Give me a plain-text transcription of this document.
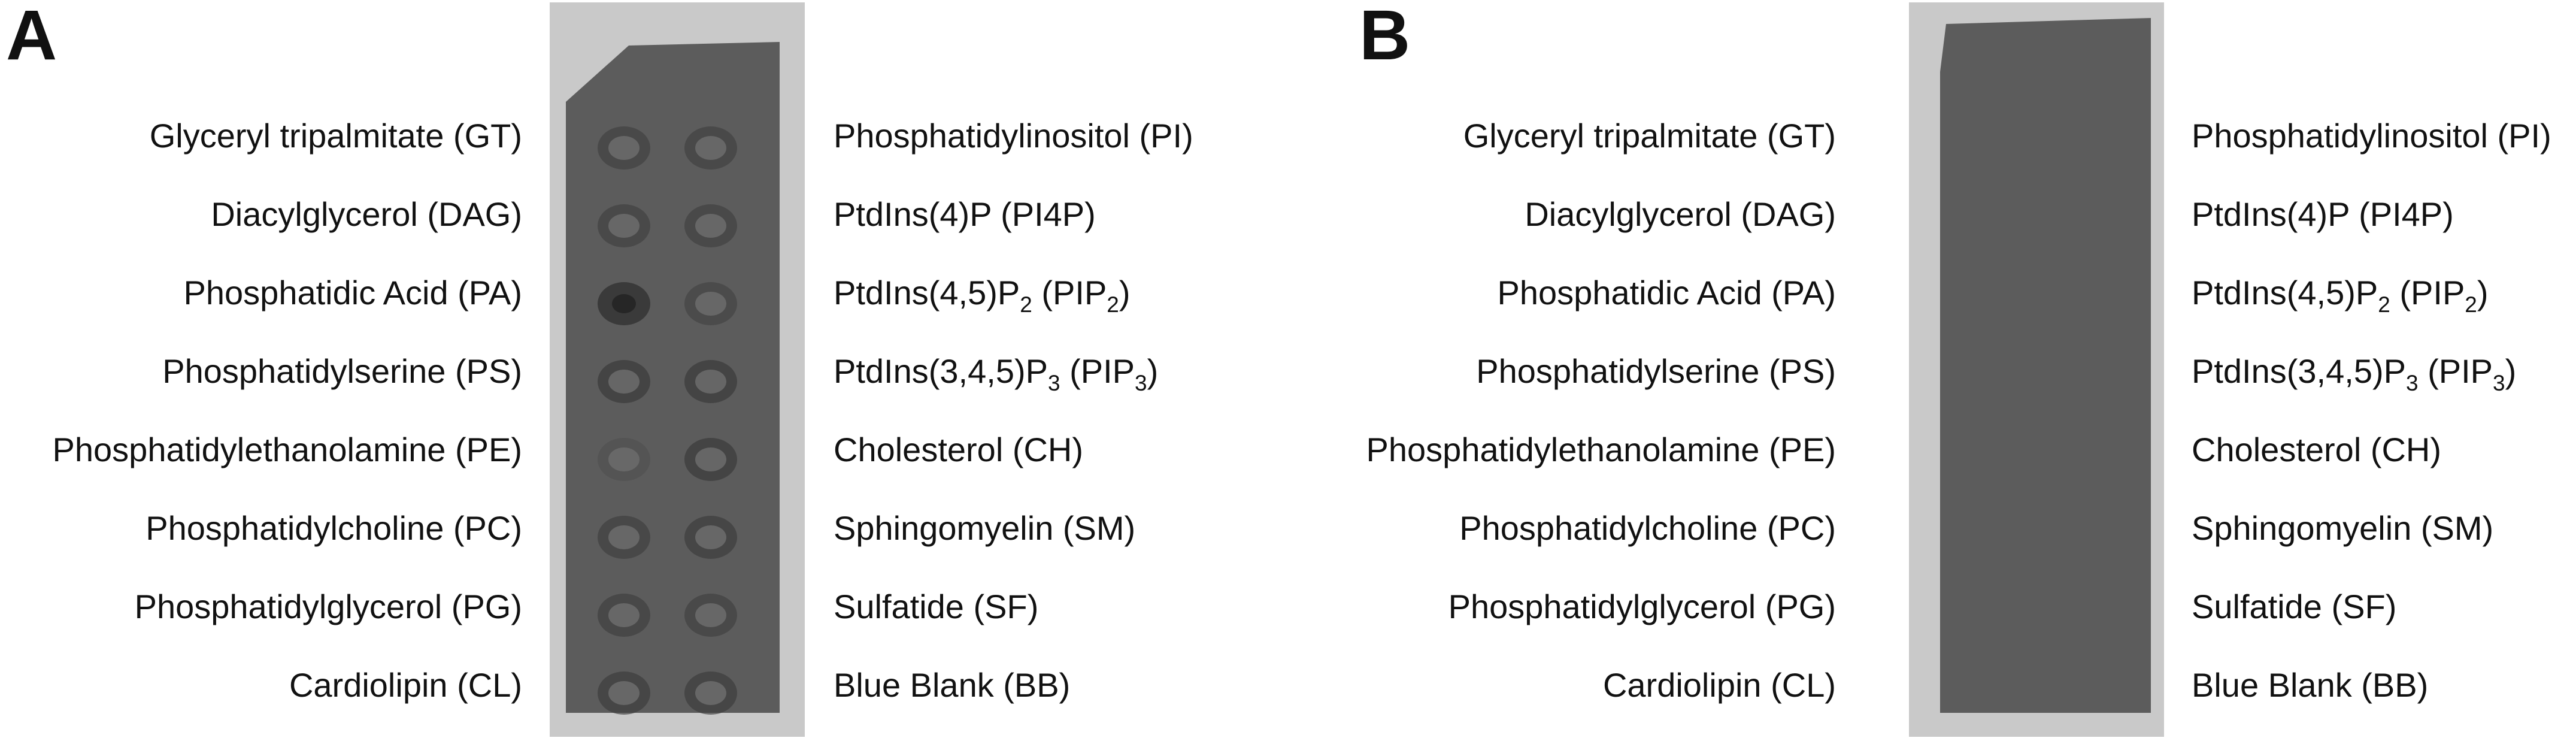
A
Glyceryl tripalmitate (GT)
Diacylglycerol (DAG)
Phosphatidic Acid (PA)
Phosphatidylserine (PS)
Phosphatidylethanolamine (PE)
Phosphatidylcholine (PC)
Phosphatidylglycerol (PG)
Cardiolipin (CL)
Phosphatidylinositol (PI)
PtdIns(4)P (PI4P)
$PtdIns(4,5)P_2$ $(PIP_2)$
$PtdIns(3,4,5)P_3$ $(PIP_3)$
Cholesterol (CH)
Sphingomyelin (SM)
Sulfatide (SF)
Blue Blank (BB)
B
Glyceryl tripalmitate (GT)
Diacylglycerol (DAG)
Phosphatidic Acid (PA)
Phosphatidylserine (PS)
Phosphatidylethanolamine (PE)
Phosphatidylcholine (PC)
Phosphatidylglycerol (PG)
Cardiolipin (CL)
Phosphatidylinositol (PI)
PtdIns(4)P (PI4P)
$PtdIns(4,5)P_2$ $(PIP_2)$
$PtdIns(3,4,5)P_3$ $(PIP_3)$
Cholesterol (CH)
Sphingomyelin (SM)
Sulfatide (SF)
Blue Blank (BB)
